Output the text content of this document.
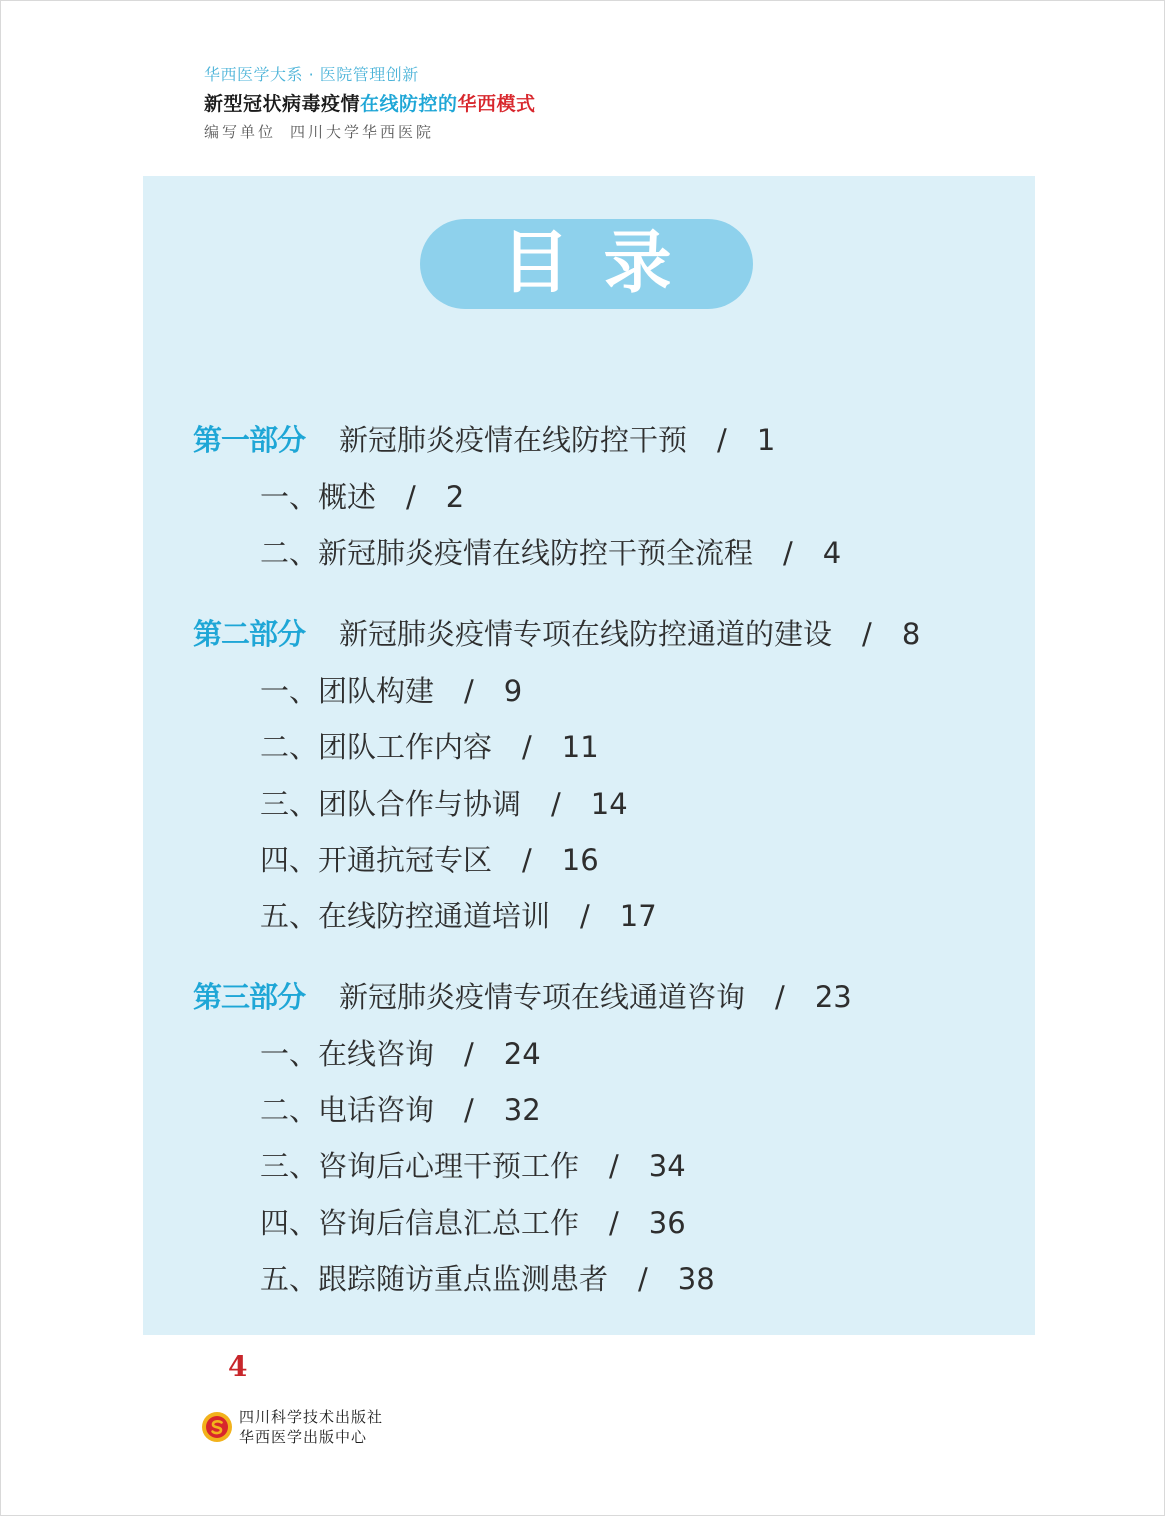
华西医学大系 · 医院管理创新
新型冠状病毒疫情在线防控的华西模式
编写单位 四川大学华西医院
目录
第一部分 新冠肺炎疫情在线防控干预 / 1
一、概述 / 2
二、新冠肺炎疫情在线防控干预全流程 / 4
第二部分 新冠肺炎疫情专项在线防控通道的建设 / 8
一、团队构建 / 9
二、团队工作内容 / 11
三、团队合作与协调 / 14
四、开通抗冠专区 / 16
五、在线防控通道培训 / 17
第三部分 新冠肺炎疫情专项在线通道咨询 / 23
一、在线咨询 / 24
二、电话咨询 / 32
三、咨询后心理干预工作 / 34
四、咨询后信息汇总工作 / 36
五、跟踪随访重点监测患者 / 38
4
四川科学技术出版社
华西医学出版中心
